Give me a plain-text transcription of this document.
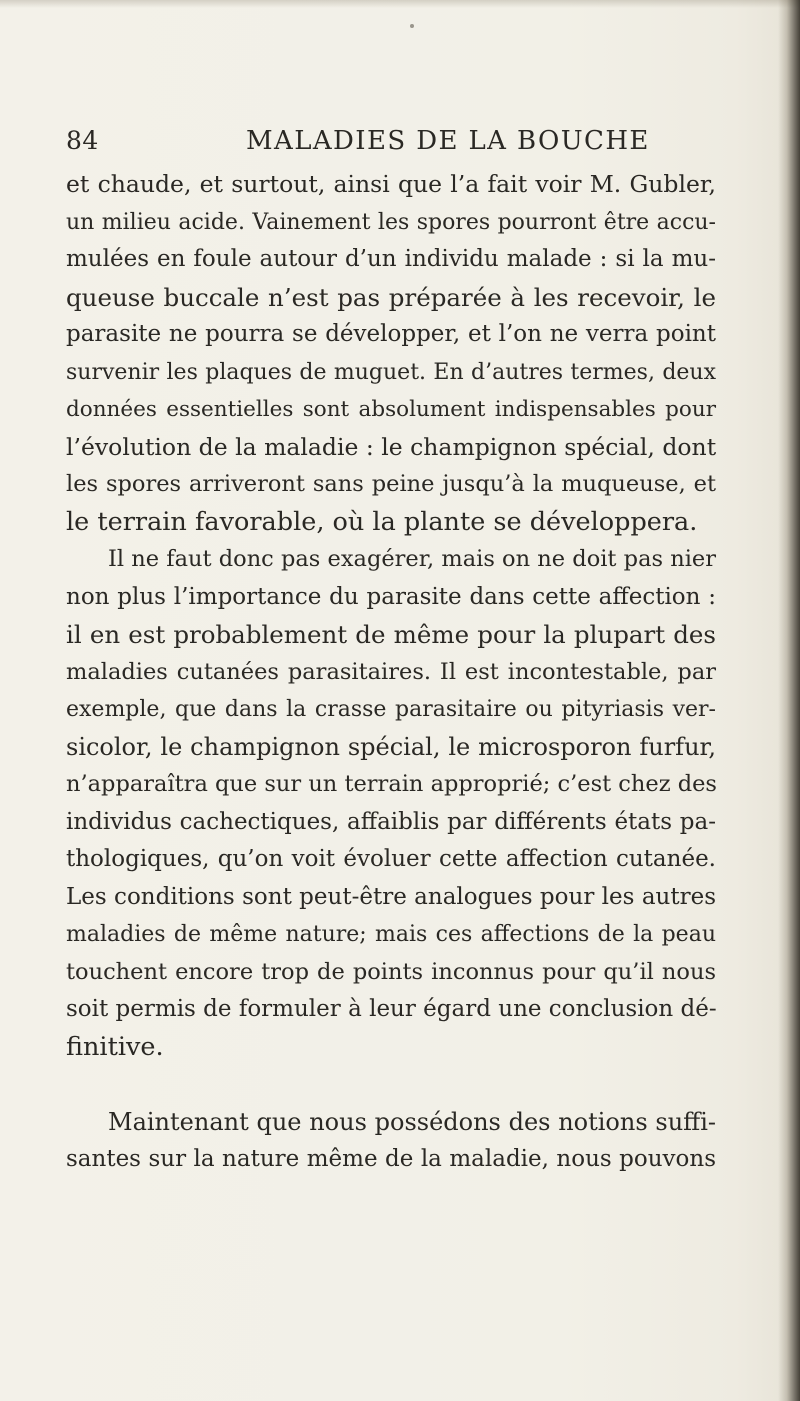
84	MALADIES DE LA BOUCHE
et chaude, et surtout, ainsi que l’a fait voir M. Gubler,
un milieu acide. Vainement les spores pourront être accu-
mulées en foule autour d’un individu malade : si la mu-
queuse buccale n’est pas préparée à les recevoir, le
parasite ne pourra se développer, et l’on ne verra point
survenir les plaques de muguet. En d’autres termes, deux
données essentielles sont absolument indispensables pour
l’évolution de la maladie : le champignon spécial, dont
les spores arriveront sans peine jusqu’à la muqueuse, et
le terrain favorable, où la plante se développera.
Il ne faut donc pas exagérer, mais on ne doit pas nier
non plus l’importance du parasite dans cette affection :
il en est probablement de même pour la plupart des
maladies cutanées parasitaires. Il est incontestable, par
exemple, que dans la crasse parasitaire ou pityriasis ver-
sicolor, le champignon spécial, le microsporon furfur,
n’apparaîtra que sur un terrain approprié; c’est chez des
individus cachectiques, affaiblis par différents états pa-
thologiques, qu’on voit évoluer cette affection cutanée.
Les conditions sont peut-être analogues pour les autres
maladies de même nature; mais ces affections de la peau
touchent encore trop de points inconnus pour qu’il nous
soit permis de formuler à leur égard une conclusion dé-
finitive.
Maintenant que nous possédons des notions suffi-
santes sur la nature même de la maladie, nous pouvons
